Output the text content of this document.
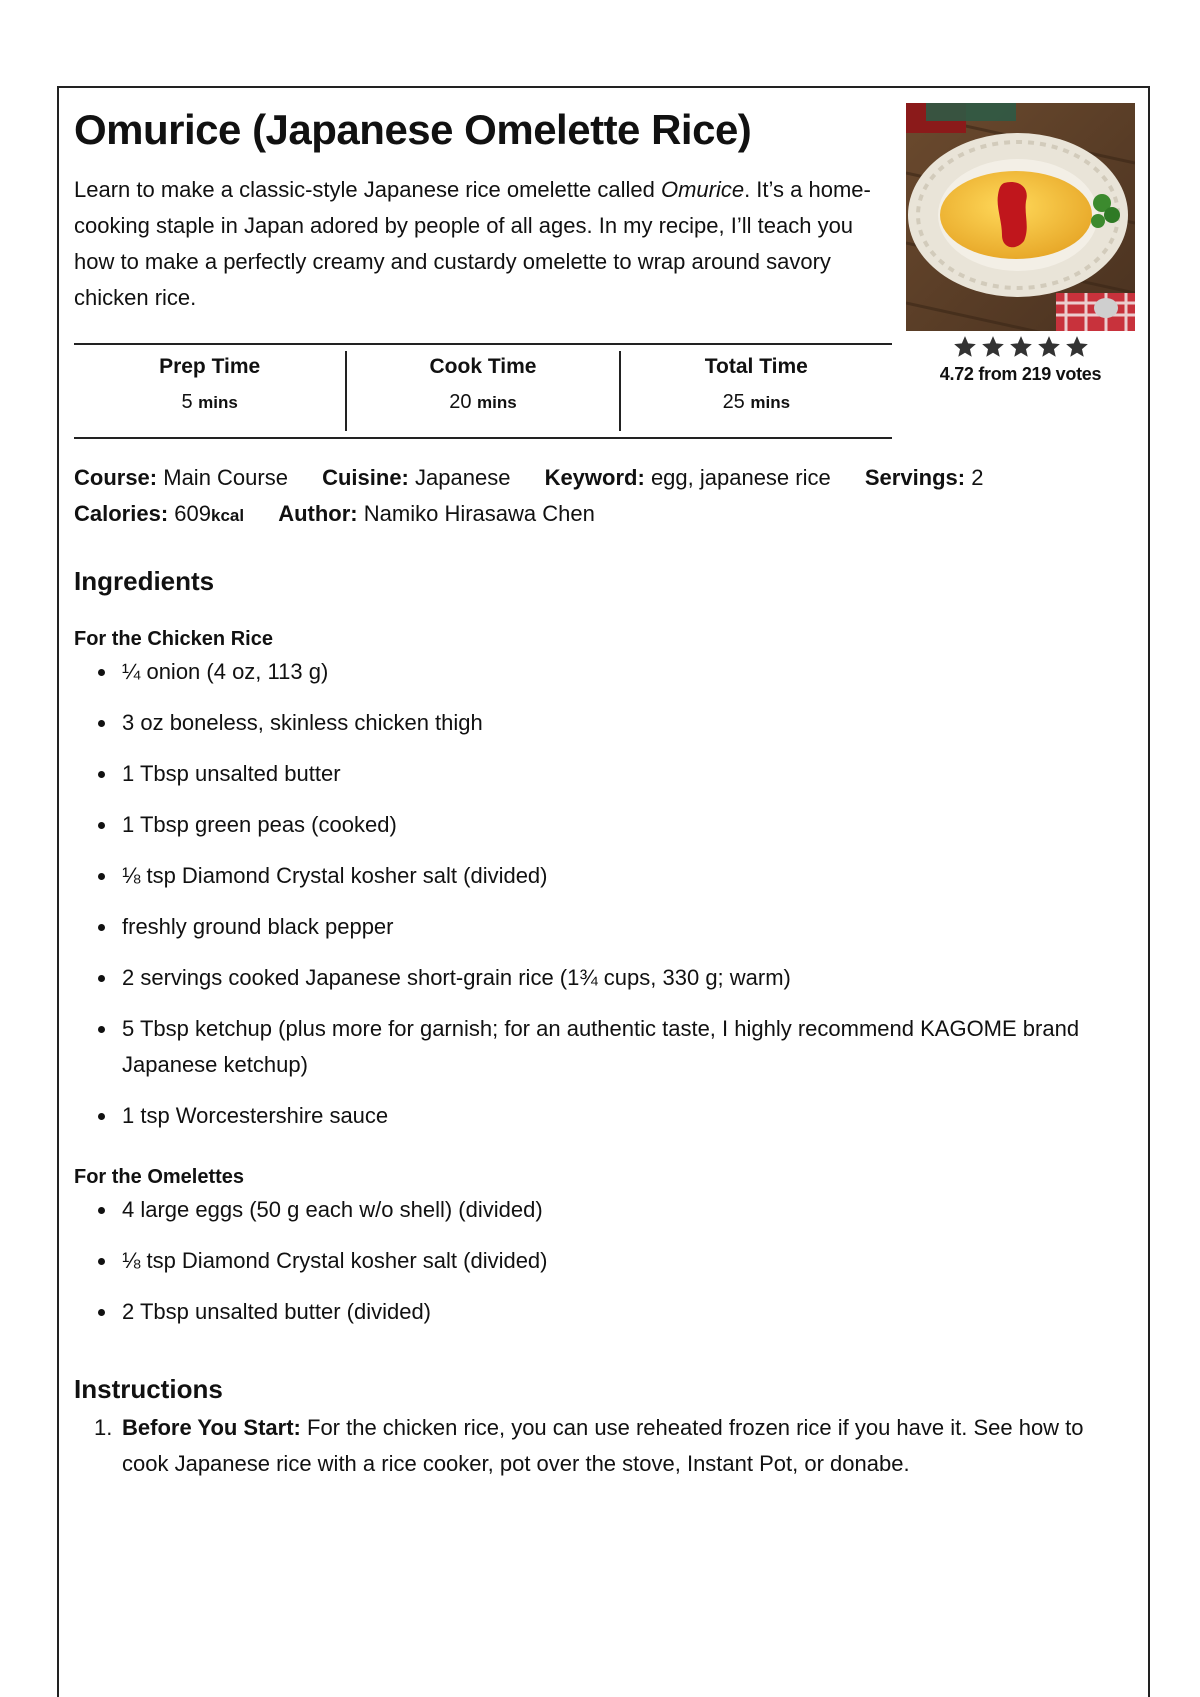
Omurice (Japanese Omelette Rice)

Learn to make a classic-style Japanese rice omelette called Omurice. It’s a home-cooking staple in Japan adored by people of all ages. In my recipe, I’ll teach you how to make a perfectly creamy and custardy omelette to wrap around savory chicken rice.

4.72 from 219 votes
Prep Time
5 mins
Cook Time
20 mins
Total Time
25 mins
Course: Main Course Cuisine: Japanese Keyword: egg, japanese rice Servings: 2
Calories: 609kcal Author: Namiko Hirasawa Chen
Ingredients
For the Chicken Rice
¼ onion (4 oz, 113 g)
3 oz boneless, skinless chicken thigh
1 Tbsp unsalted butter
1 Tbsp green peas (cooked)
⅛ tsp Diamond Crystal kosher salt (divided)
freshly ground black pepper
2 servings cooked Japanese short-grain rice (1¾ cups, 330 g; warm)
5 Tbsp ketchup (plus more for garnish; for an authentic taste, I highly recommend KAGOME brand Japanese ketchup)
1 tsp Worcestershire sauce
For the Omelettes
4 large eggs (50 g each w/o shell) (divided)
⅛ tsp Diamond Crystal kosher salt (divided)
2 Tbsp unsalted butter (divided)
Instructions
1. Before You Start: For the chicken rice, you can use reheated frozen rice if you have it. See how to cook Japanese rice with a rice cooker, pot over the stove, Instant Pot, or donabe.
